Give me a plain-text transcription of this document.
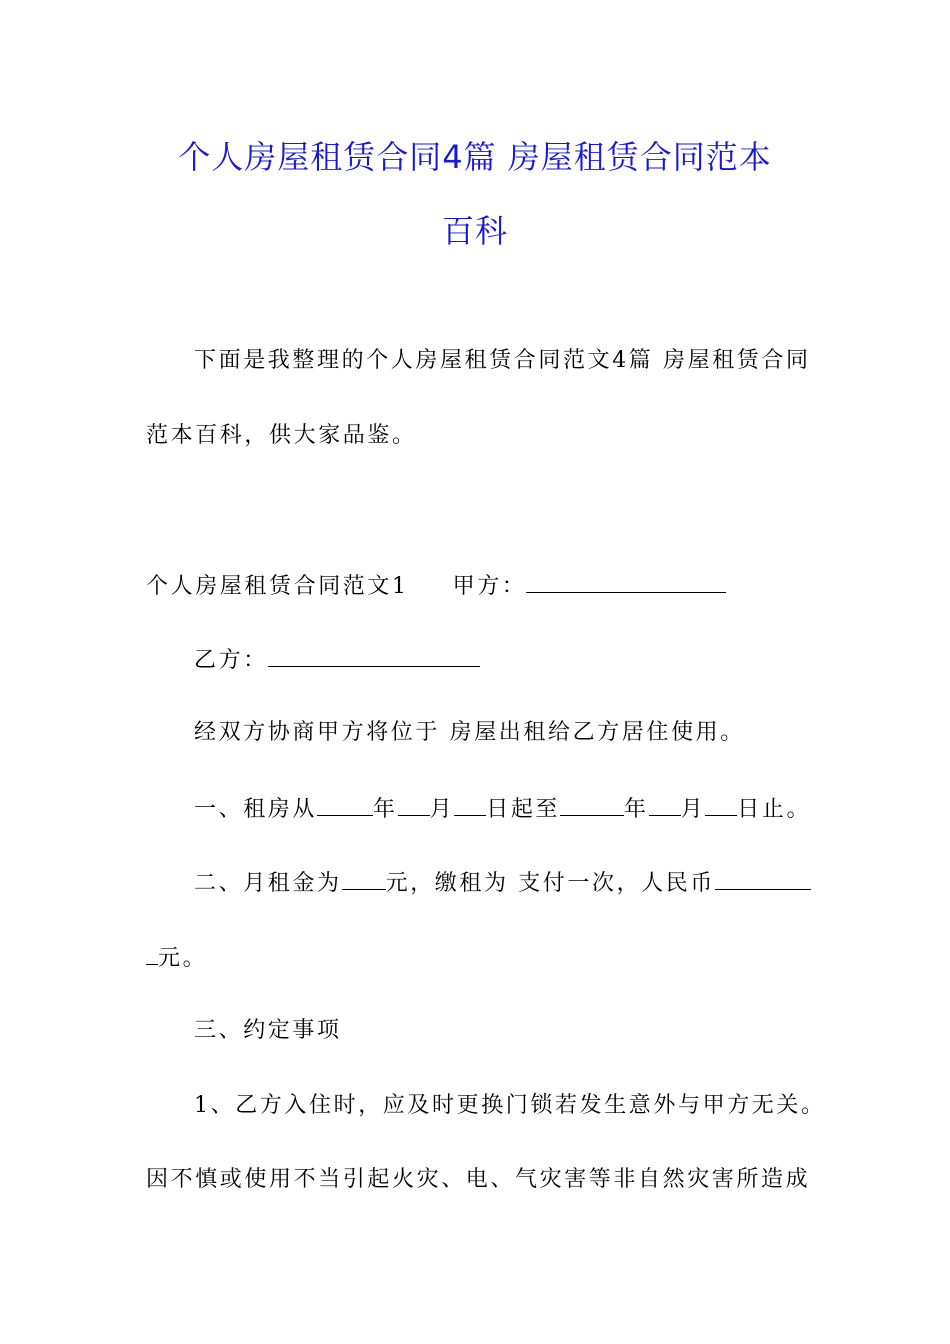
个人房屋租赁合同4篇 房屋租赁合同范本
百科
下面是我整理的个人房屋租赁合同范文4篇 房屋租赁合同
范本百科，供大家品鉴。
个人房屋租赁合同范文1 甲方：
乙方：
经双方协商甲方将位于 房屋出租给乙方居住使用。
一、租房从	年 月 日起至	年 月 日止。
二、月租金为 元，缴租为 支付一次，人民币
元。
三、约定事项
1、乙方入住时，应及时更换门锁若发生意外与甲方无关。
因不慎或使用不当引起火灾、电、气灾害等非自然灾害所造成
